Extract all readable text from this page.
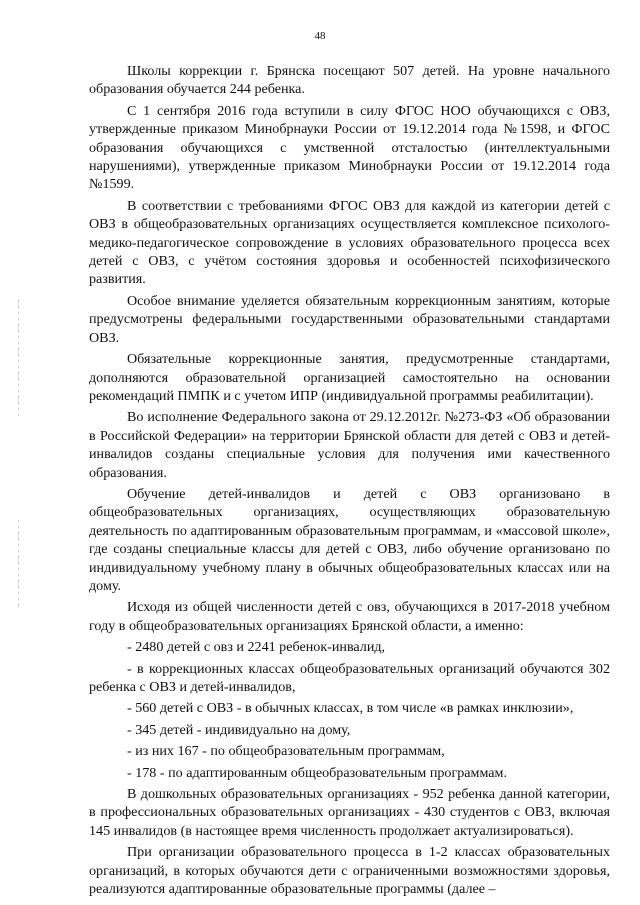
48

Школы коррекции г. Брянска посещают 507 детей. На уровне начального образования обучается 244 ребенка.

С 1 сентября 2016 года вступили в силу ФГОС НОО обучающихся с ОВЗ, утвержденные приказом Минобрнауки России от 19.12.2014 года №1598, и ФГОС образования обучающихся с умственной отсталостью (интеллектуальными нарушениями), утвержденные приказом Минобрнауки России от 19.12.2014 года №1599.

В соответствии с требованиями ФГОС ОВЗ для каждой из категории детей с ОВЗ в общеобразовательных организациях осуществляется комплексное психолого-медико-педагогическое сопровождение в условиях образовательного процесса всех детей с ОВЗ, с учётом состояния здоровья и особенностей психофизического развития.

Особое внимание уделяется обязательным коррекционным занятиям, которые предусмотрены федеральными государственными образовательными стандартами ОВЗ.

Обязательные коррекционные занятия, предусмотренные стандартами, дополняются образовательной организацией самостоятельно на основании рекомендаций ПМПК и с учетом ИПР (индивидуальной программы реабилитации).

Во исполнение Федерального закона от 29.12.2012г. №273-ФЗ «Об образовании в Российской Федерации» на территории Брянской области для детей с ОВЗ и детей-инвалидов созданы специальные условия для получения ими качественного образования.

Обучение детей-инвалидов и детей с ОВЗ организовано в общеобразовательных организациях, осуществляющих образовательную деятельность по адаптированным образовательным программам, и «массовой школе», где созданы специальные классы для детей с ОВЗ, либо обучение организовано по индивидуальному учебному плану в обычных общеобразовательных классах или на дому.

Исходя из общей численности детей с овз, обучающихся в 2017-2018 учебном году в общеобразовательных организациях Брянской области, а именно:

- 2480 детей с овз и 2241 ребенок-инвалид,

- в коррекционных классах общеобразовательных организаций обучаются 302 ребенка с ОВЗ и детей-инвалидов,

- 560 детей с ОВЗ - в обычных классах, в том числе «в рамках инклюзии»,

- 345 детей - индивидуально на дому,

- из них 167 - по общеобразовательным программам,

- 178 - по адаптированным общеобразовательным программам.

В дошкольных образовательных организациях - 952 ребенка данной категории, в профессиональных образовательных организациях - 430 студентов с ОВЗ, включая 145 инвалидов (в настоящее время численность продолжает актуализироваться).

При организации образовательного процесса в 1-2 классах образовательных организаций, в которых обучаются дети с ограниченными возможностями здоровья, реализуются адаптированные образовательные программы (далее –
